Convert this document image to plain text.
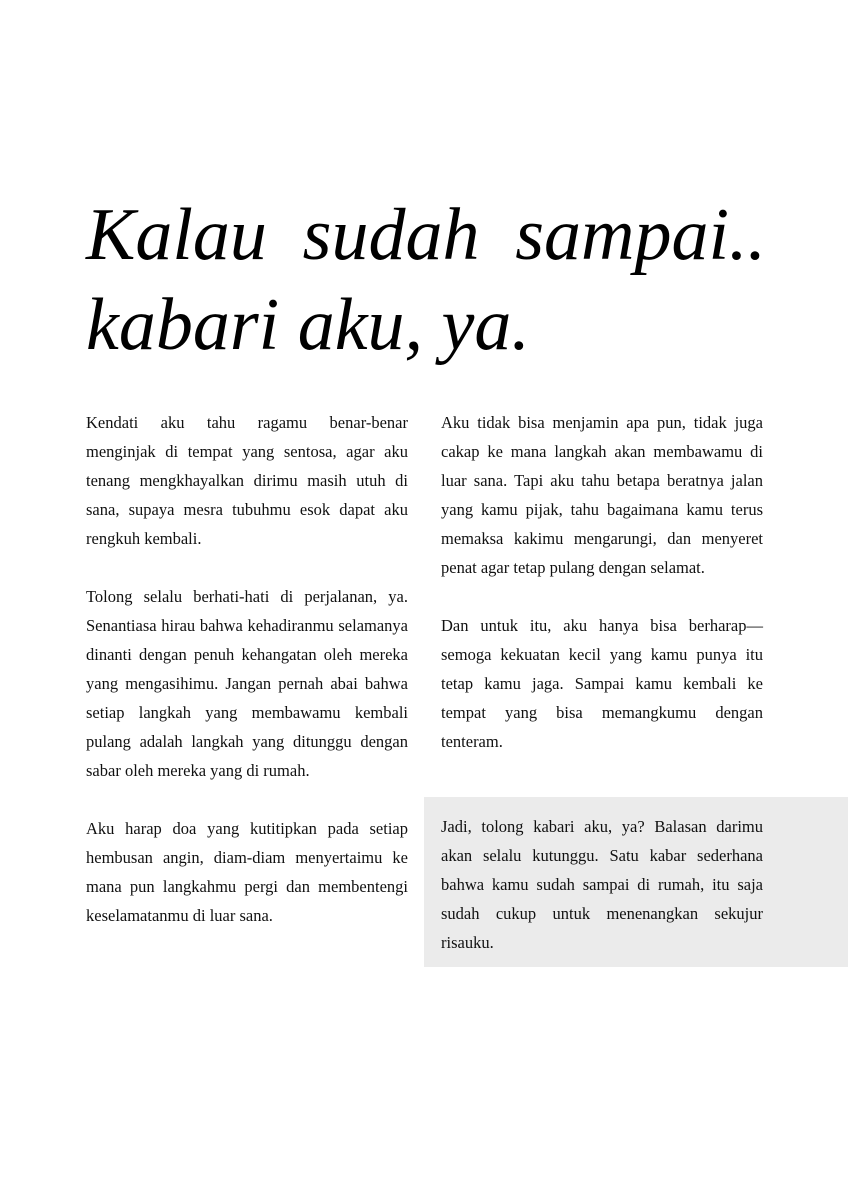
Kalau sudah sampai..
kabari aku, ya.

Kendati aku tahu ragamu benar-benar menginjak di tempat yang sentosa, agar aku tenang mengkhayalkan dirimu masih utuh di sana, supaya mesra tubuhmu esok dapat aku rengkuh kembali.

Tolong selalu berhati-hati di perjalanan, ya. Senantiasa hirau bahwa kehadiranmu selamanya dinanti dengan penuh kehangatan oleh mereka yang mengasihimu. Jangan pernah abai bahwa setiap langkah yang membawamu kembali pulang adalah langkah yang ditunggu dengan sabar oleh mereka yang di rumah.

Aku harap doa yang kutitipkan pada setiap hembusan angin, diam-diam menyertaimu ke mana pun langkahmu pergi dan membentengi keselamatanmu di luar sana.

Aku tidak bisa menjamin apa pun, tidak juga cakap ke mana langkah akan membawamu di luar sana. Tapi aku tahu betapa beratnya jalan yang kamu pijak, tahu bagaimana kamu terus memaksa kakimu mengarungi, dan menyeret penat agar tetap pulang dengan selamat.

Dan untuk itu, aku hanya bisa berharap—semoga kekuatan kecil yang kamu punya itu tetap kamu jaga. Sampai kamu kembali ke tempat yang bisa memangkumu dengan tenteram.

Jadi, tolong kabari aku, ya? Balasan darimu akan selalu kutunggu. Satu kabar sederhana bahwa kamu sudah sampai di rumah, itu saja sudah cukup untuk menenangkan sekujur risauku.
